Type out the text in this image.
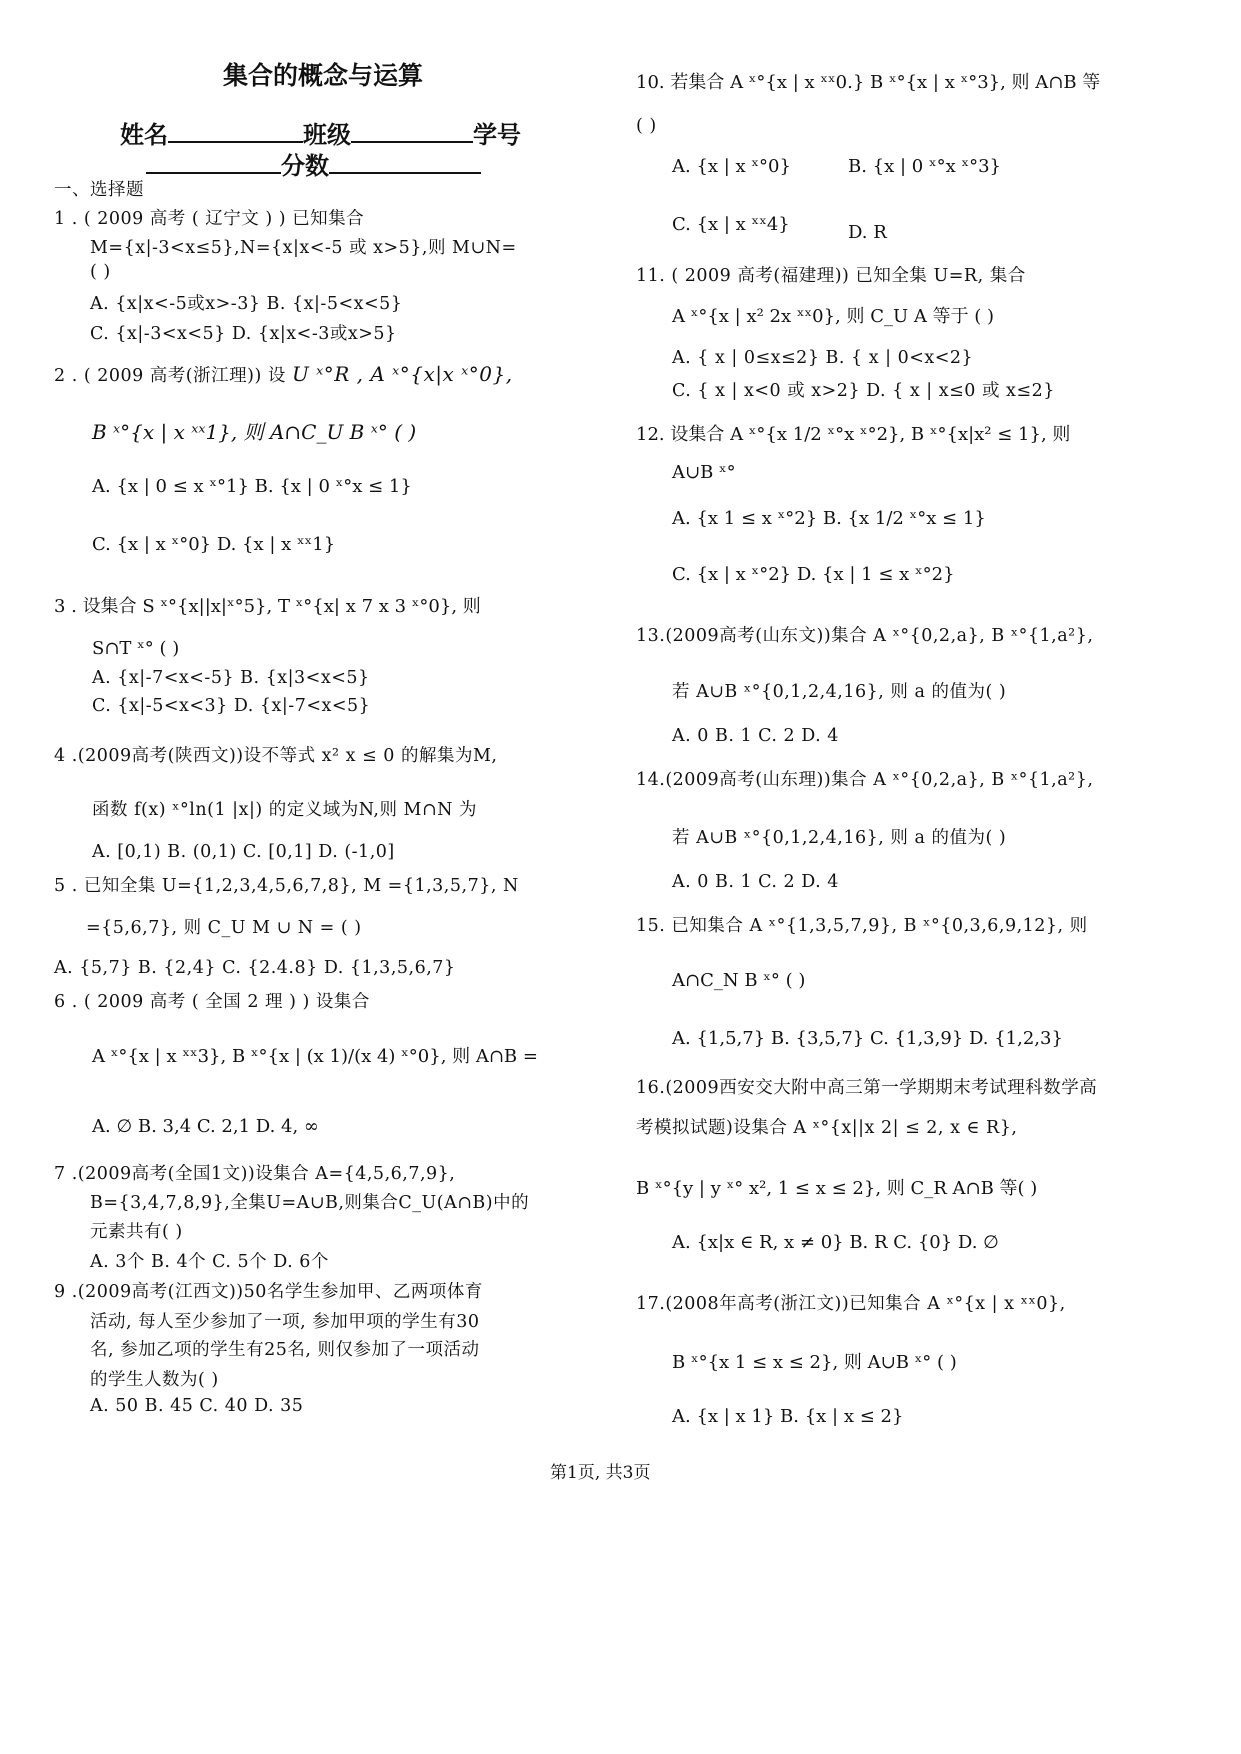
集合的概念与运算
姓名	班级	学号
分数
一、选择题
1 . ( 2009 高考 ( 辽宁文 ) ) 已知集合
M={x|-3<x≤5},N={x|x<-5 或 x>5},则 M∪N=
( )
A. {x|x<-5或x>-3} B. {x|-5<x<5}
C. {x|-3<x<5} D. {x|x<-3或x>5}
2 . ( 2009 高考(浙江理)) 设 U ˣ°R , A ˣ°{x|x ˣ°0},
B ˣ°{x | x ˣˣ1}, 则 A∩C_U B ˣ° ( )
A. {x | 0 ≤ x ˣ°1} B. {x | 0 ˣ°x ≤ 1}
C. {x | x ˣ°0} D. {x | x ˣˣ1}
3 . 设集合 S ˣ°{x||x|ˣ°5}, T ˣ°{x| x 7 x 3 ˣ°0}, 则
S∩T ˣ° ( )
A. {x|-7<x<-5} B. {x|3<x<5}
C. {x|-5<x<3} D. {x|-7<x<5}
4 .(2009高考(陕西文))设不等式 x² x ≤ 0 的解集为M,
函数 f(x) ˣ°ln(1 |x|) 的定义域为N,则 M∩N 为
A. [0,1) B. (0,1) C. [0,1] D. (-1,0]
5 . 已知全集 U={1,2,3,4,5,6,7,8}, M ={1,3,5,7}, N
={5,6,7}, 则 C_U M ∪ N = ( )
A. {5,7} B. {2,4} C. {2.4.8} D. {1,3,5,6,7}
6 . ( 2009 高考 ( 全国 2 理 ) ) 设集合
A ˣ°{x | x ˣˣ3}, B ˣ°{x | (x 1)/(x 4) ˣ°0}, 则 A∩B =
A. ∅ B. 3,4 C. 2,1 D. 4, ∞
7 .(2009高考(全国1文))设集合 A={4,5,6,7,9},
B={3,4,7,8,9},全集U=A∪B,则集合C_U(A∩B)中的
元素共有( )
A. 3个 B. 4个 C. 5个 D. 6个
9 .(2009高考(江西文))50名学生参加甲、乙两项体育
活动, 每人至少参加了一项, 参加甲项的学生有30
名, 参加乙项的学生有25名, 则仅参加了一项活动
的学生人数为( )
A. 50 B. 45 C. 40 D. 35
10. 若集合 A ˣ°{x | x ˣˣ0.} B ˣ°{x | x ˣ°3}, 则 A∩B 等
( )
A. {x | x ˣ°0}	B. {x | 0 ˣ°x ˣ°3}
C. {x | x ˣˣ4}	D. R
11. ( 2009 高考(福建理)) 已知全集 U=R, 集合
A ˣ°{x | x² 2x ˣˣ0}, 则 C_U A 等于 ( )
A. { x | 0≤x≤2} B. { x | 0<x<2}
C. { x | x<0 或 x>2} D. { x | x≤0 或 x≤2}
12. 设集合 A ˣ°{x 1/2 ˣ°x ˣ°2}, B ˣ°{x|x² ≤ 1}, 则
A∪B ˣ°
A. {x 1 ≤ x ˣ°2} B. {x 1/2 ˣ°x ≤ 1}
C. {x | x ˣ°2} D. {x | 1 ≤ x ˣ°2}
13.(2009高考(山东文))集合 A ˣ°{0,2,a}, B ˣ°{1,a²},
若 A∪B ˣ°{0,1,2,4,16}, 则 a 的值为( )
A. 0 B. 1 C. 2 D. 4
14.(2009高考(山东理))集合 A ˣ°{0,2,a}, B ˣ°{1,a²},
若 A∪B ˣ°{0,1,2,4,16}, 则 a 的值为( )
A. 0 B. 1 C. 2 D. 4
15. 已知集合 A ˣ°{1,3,5,7,9}, B ˣ°{0,3,6,9,12}, 则
A∩C_N B ˣ° ( )
A. {1,5,7} B. {3,5,7} C. {1,3,9} D. {1,2,3}
16.(2009西安交大附中高三第一学期期末考试理科数学高
考模拟试题)设集合 A ˣ°{x||x 2| ≤ 2, x ∈ R},
B ˣ°{y | y ˣ° x², 1 ≤ x ≤ 2}, 则 C_R A∩B 等( )
A. {x|x ∈ R, x ≠ 0} B. R C. {0} D. ∅
17.(2008年高考(浙江文))已知集合 A ˣ°{x | x ˣˣ0},
B ˣ°{x 1 ≤ x ≤ 2}, 则 A∪B ˣ° ( )
A. {x | x 1} B. {x | x ≤ 2}
第1页, 共3页
